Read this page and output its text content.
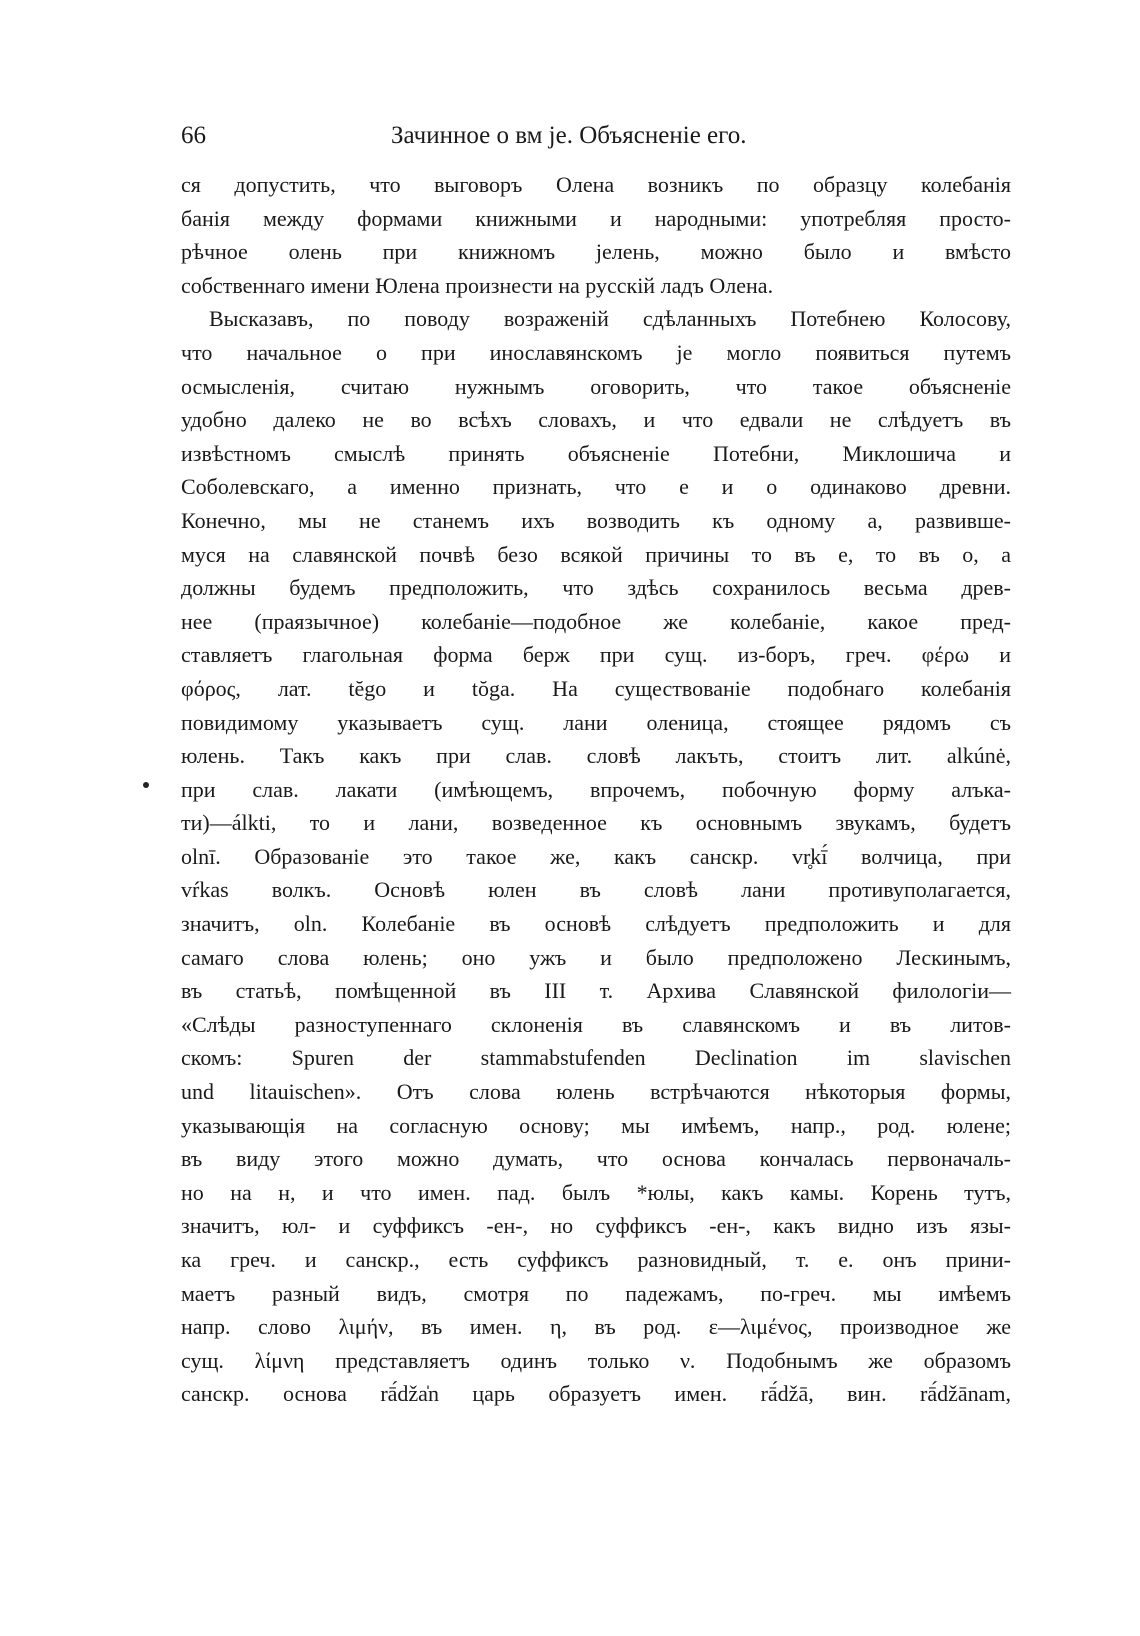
66	Зачинное о вм je. Объясненіе его.
ся допустить, что выговоръ Олена возникъ по образцу колебанія
банія между формами книжными и народными: употребляя просто-
рѣчное олень при книжномъ јелень, можно было и вмѣсто
собственнаго имени Юлена произнести на русскій ладъ Олена.
Высказавъ, по поводу возраженій сдѣланныхъ Потебнею Колосову,
что начальное о при инославянскомъ је могло появиться путемъ
осмысленія, считаю нужнымъ оговорить, что такое объясненіе
удобно далеко не во всѣхъ словахъ, и что едвали не слѣдуетъ въ
извѣстномъ смыслѣ принять объясненіе Потебни, Миклошича и
Соболевскаго, а именно признать, что е и о одинаково древни.
Конечно, мы не станемъ ихъ возводить къ одному а, развивше-
муся на славянской почвѣ безо всякой причины то въ е, то въ о, а
должны будемъ предположить, что здѣсь сохранилось весьма древ-
нее (праязычное) колебаніе—подобное же колебаніе, какое пред-
ставляетъ глагольная форма берж при сущ. из-боръ, греч. φέρω и
φόρος, лат. tĕgo и tŏga. На существованіе подобнаго колебанія
повидимому указываетъ сущ. лани оленица, стоящее рядомъ съ
юлень. Такъ какъ при слав. словѣ лакъть, стоитъ лит. alkúnė,
при слав. лакати (имѣющемъ, впрочемъ, побочную форму алъка-
ти)—álkti, то и лани, возведенное къ основнымъ звукамъ, будетъ
olnī. Образованіе это такое же, какъ санскр. vr̥kī́ волчица, при
vŕkas волкъ. Основѣ юлен въ словѣ лани противуполагается,
значитъ, oln. Колебаніе въ основѣ слѣдуетъ предположить и для
самаго слова юлень; оно ужъ и было предположено Лескинымъ,
въ статьѣ, помѣщенной въ III т. Архива Славянской филологіи—
«Слѣды разноступеннаго склоненія въ славянскомъ и въ литов-
скомъ: Spuren der stammabstufenden Declination im slavischen
und litauischen». Отъ слова юлень встрѣчаются нѣкоторыя формы,
указывающія на согласную основу; мы имѣемъ, напр., род. юлене;
въ виду этого можно думать, что основа кончалась первоначаль-
но на н, и что имен. пад. былъ *юлы, какъ камы. Корень тутъ,
значитъ, юл- и суффиксъ -ен-, но суффиксъ -ен-, какъ видно изъ язы-
ка греч. и санскр., есть суффиксъ разновидный, т. е. онъ прини-
маетъ разный видъ, смотря по падежамъ, по-греч. мы имѣемъ
напр. слово λιμήν, въ имен. η, въ род. ε—λιμένος, производное же
сущ. λίμνη представляетъ одинъ только ν. Подобнымъ же образомъ
санскр. основа rā́dža̍n царь образуетъ имен. rā́džā, вин. rā́džānam,
